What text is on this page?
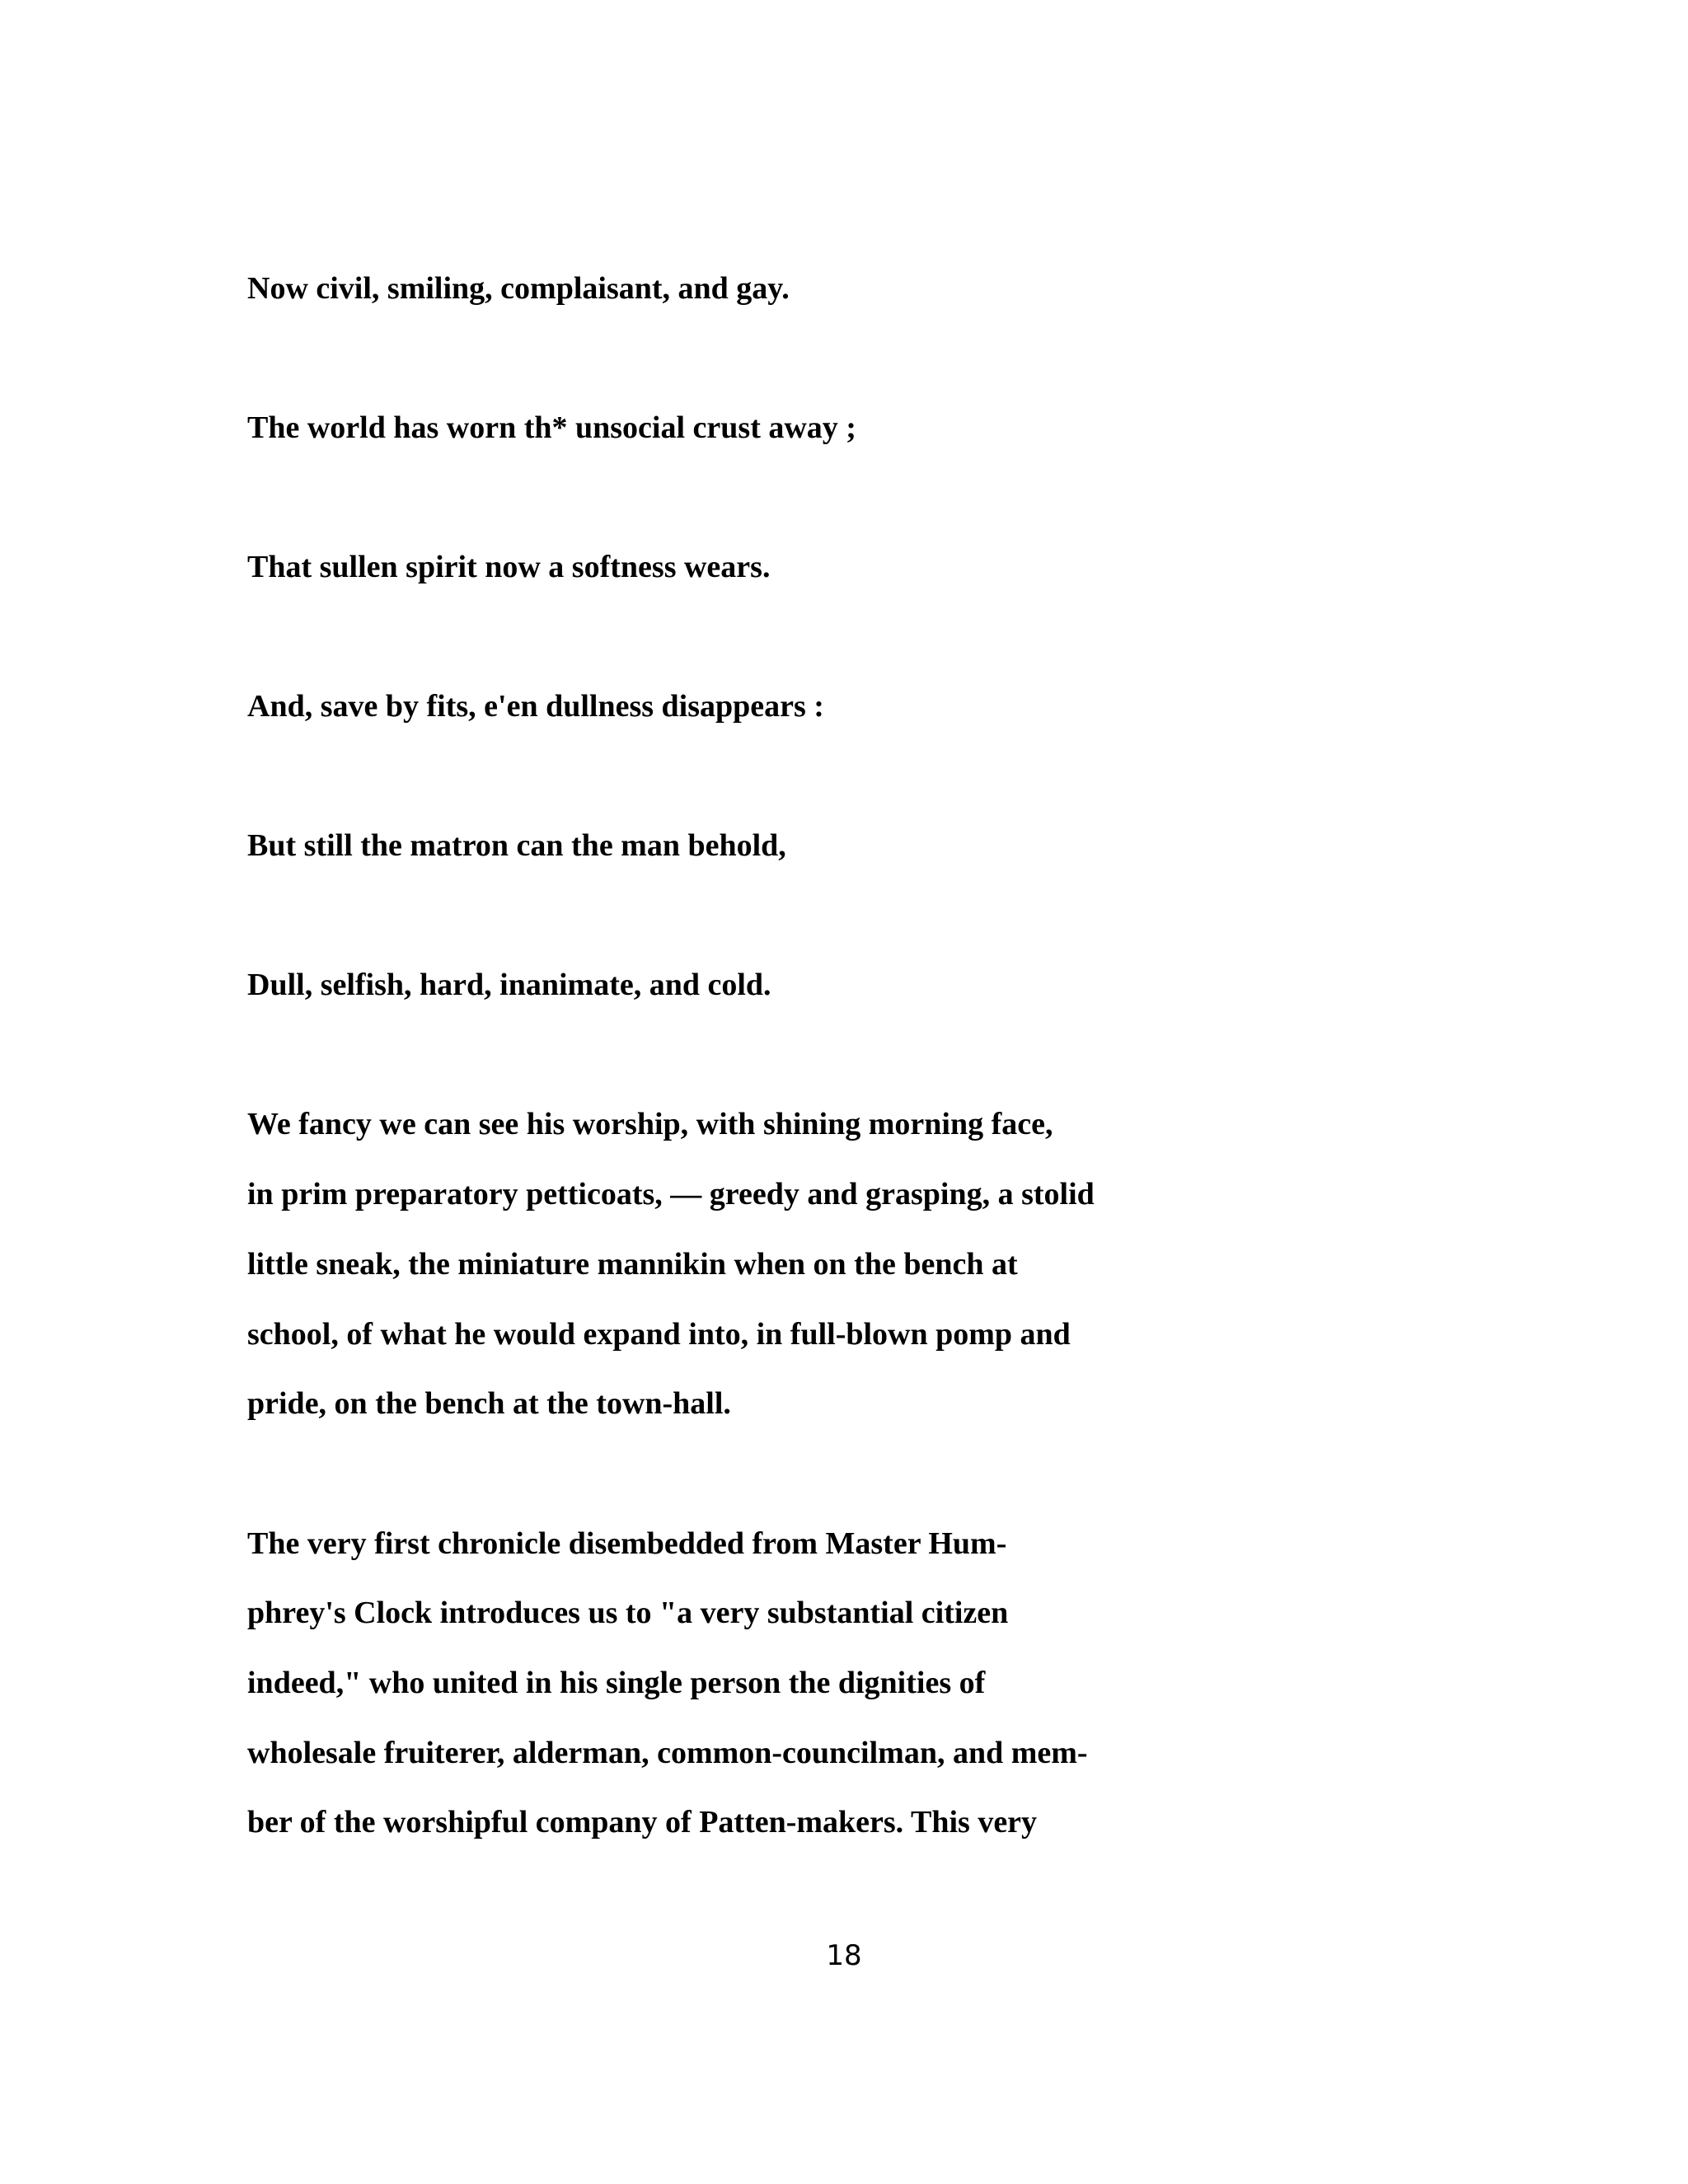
Now civil, smiling, complaisant, and gay.
The world has worn th* unsocial crust away ;
That sullen spirit now a softness wears.
And, save by fits, e'en dullness disappears :
But still the matron can the man behold,
Dull, selfish, hard, inanimate, and cold.
We fancy we can see his worship, with shining morning face,
in prim preparatory petticoats, — greedy and grasping, a stolid
little sneak, the miniature mannikin when on the bench at
school, of what he would expand into, in full-blown pomp and
pride, on the bench at the town-hall.
The very first chronicle disembedded from Master Hum-
phrey's Clock introduces us to "a very substantial citizen
indeed," who united in his single person the dignities of
wholesale fruiterer, alderman, common-councilman, and mem-
ber of the worshipful company of Patten-makers. This very
18
